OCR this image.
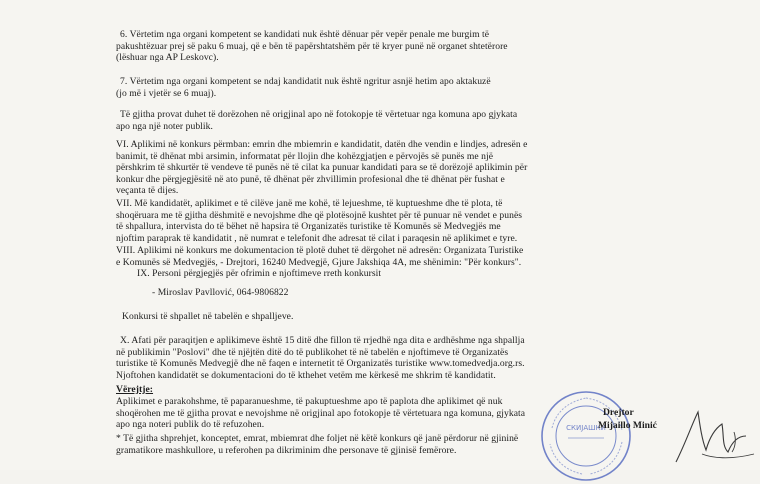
6. Vërtetim nga organi kompetent se kandidati nuk është dënuar për vepër penale me burgim të
pakushtëzuar prej së paku 6 muaj, që e bën të papërshtatshëm për të kryer punë në organet shtetërore
(lëshuar nga AP Leskovc).
7. Vërtetim nga organi kompetent se ndaj kandidatit nuk është ngritur asnjë hetim apo aktakuzë
(jo më i vjetër se 6 muaj).
Të gjitha provat duhet të dorëzohen në origjinal apo në fotokopje të vërtetuar nga komuna apo gjykata
apo nga një noter publik.
VI. Aplikimi në konkurs përmban: emrin dhe mbiemrin e kandidatit, datën dhe vendin e lindjes, adresën e
banimit, të dhënat mbi arsimin, informatat për llojin dhe kohëzgjatjen e përvojës së punës me një
përshkrim të shkurtër të vendeve të punës në të cilat ka punuar kandidati para se të dorëzojë aplikimin për
konkur dhe përgjegjësitë në ato punë, të dhënat për zhvillimin profesional dhe të dhënat për fushat e
veçanta të dijes.
VII. Më kandidatët, aplikimet e të cilëve janë me kohë, të lejueshme, të kuptueshme dhe të plota, të
shoqëruara me të gjitha dëshmitë e nevojshme dhe që plotësojnë kushtet për të punuar në vendet e punës
të shpallura, intervista do të bëhet në hapsira të Organizatës turistike të Komunës së Medvegjës me
njoftim paraprak të kandidatit , në numrat e telefonit dhe adresat të cilat i paraqesin në aplikimet e tyre.
VIII. Aplikimi në konkurs me dokumentacion të plotë duhet të dërgohet në adresën: Organizata Turistike
e Komunës së Medvegjës, - Drejtori, 16240 Medvegjë, Gjure Jakshiqa 4A, me shënimin: "Për konkurs".
IX. Personi përgjegjës për ofrimin e njoftimeve rreth konkursit
- Miroslav Pavllović, 064-9806822
Konkursi të shpallet në tabelën e shpalljeve.
X. Afati për paraqitjen e aplikimeve është 15 ditë dhe fillon të rrjedhë nga dita e ardhëshme nga shpallja
në publikimin "Poslovi" dhe të njëjtën ditë do të publikohet të në tabelën e njoftimeve të Organizatës
turistike të Komunës Medvegjë dhe në faqen e internetit të Organizatës turistike www.tomedvedja.org.rs.
Njoftohen kandidatët se dokumentacioni do të kthehet vetëm me kërkesë me shkrim të kandidatit.
Vërejtje:
Aplikimet e parakohshme, të paparanueshme, të pakuptueshme apo të paplota dhe aplikimet që nuk
shoqërohen me të gjitha provat e nevojshme në origjinal apo fotokopje të vërtetuara nga komuna, gjykata
apo nga noteri publik do të refuzohen.
* Të gjitha shprehjet, konceptet, emrat, mbiemrat dhe foljet në këtë konkurs që janë përdorur në gjininë
gramatikore mashkullore, u referohen pa dikriminim dhe personave të gjinisë femërore.
СКИЈАШКИ
Drejtor
Mijaillo Minić
